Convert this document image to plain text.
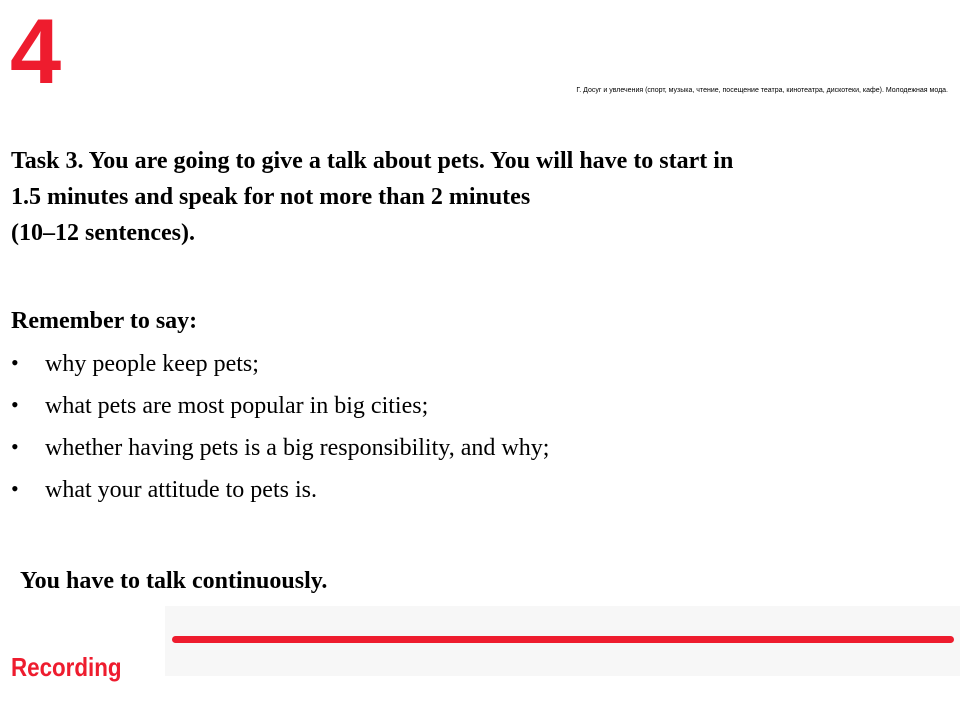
4	Г. Досуг и увлечения (спорт, музыка, чтение, посещение театра, кинотеатра, дискотеки, кафе). Молодежная мода.
Task 3. You are going to give a talk about pets. You will have to start in
1.5 minutes and speak for not more than 2 minutes
(10–12 sentences).
Remember to say:
•	why people keep pets;
•	what pets are most popular in big cities;
•	whether having pets is a big responsibility, and why;
•	what your attitude to pets is.
You have to talk continuously.
Recording
